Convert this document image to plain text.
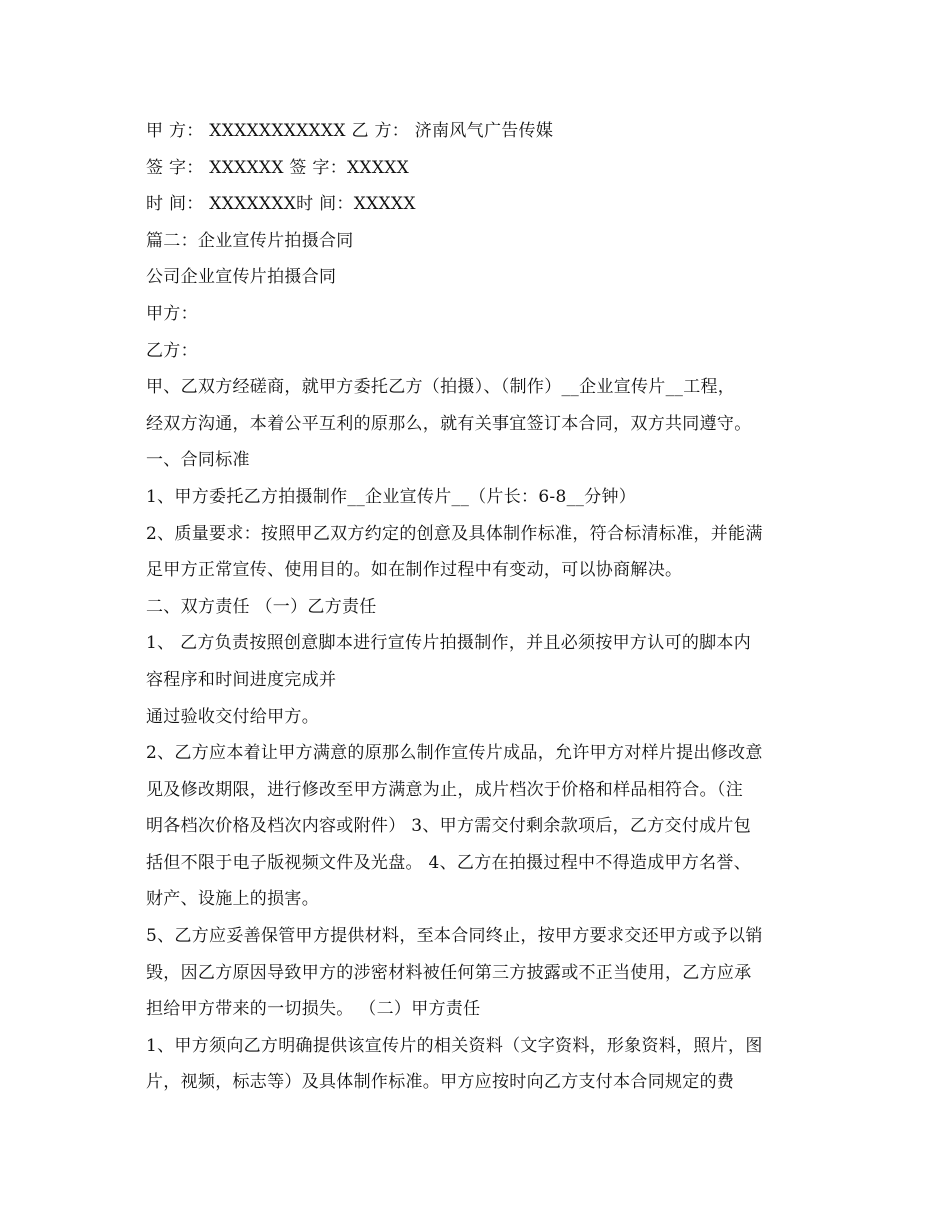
甲 方： XXXXXXXXXXX 乙 方： 济南风气广告传媒
签 字： XXXXXX 签 字：XXXXX
时 间： XXXXXXX时 间：XXXXX
篇二：企业宣传片拍摄合同
公司企业宣传片拍摄合同
甲方：
乙方：
甲、乙双方经磋商，就甲方委托乙方（拍摄）、（制作）__企业宣传片__工程，
经双方沟通，本着公平互利的原那么，就有关事宜签订本合同，双方共同遵守。
一、合同标准
1、甲方委托乙方拍摄制作__企业宣传片__（片长：6-8__分钟）
2、质量要求：按照甲乙双方约定的创意及具体制作标准，符合标清标准，并能满
足甲方正常宣传、使用目的。如在制作过程中有变动，可以协商解决。
二、双方责任 （一）乙方责任
1、 乙方负责按照创意脚本进行宣传片拍摄制作，并且必须按甲方认可的脚本内
容程序和时间进度完成并
通过验收交付给甲方。
2、乙方应本着让甲方满意的原那么制作宣传片成品，允许甲方对样片提出修改意
见及修改期限，进行修改至甲方满意为止，成片档次于价格和样品相符合。（注
明各档次价格及档次内容或附件） 3、甲方需交付剩余款项后，乙方交付成片包
括但不限于电子版视频文件及光盘。 4、乙方在拍摄过程中不得造成甲方名誉、
财产、设施上的损害。
5、乙方应妥善保管甲方提供材料，至本合同终止，按甲方要求交还甲方或予以销
毁，因乙方原因导致甲方的涉密材料被任何第三方披露或不正当使用，乙方应承
担给甲方带来的一切损失。 （二）甲方责任
1、甲方须向乙方明确提供该宣传片的相关资料（文字资料，形象资料，照片，图
片，视频，标志等）及具体制作标准。甲方应按时向乙方支付本合同规定的费
